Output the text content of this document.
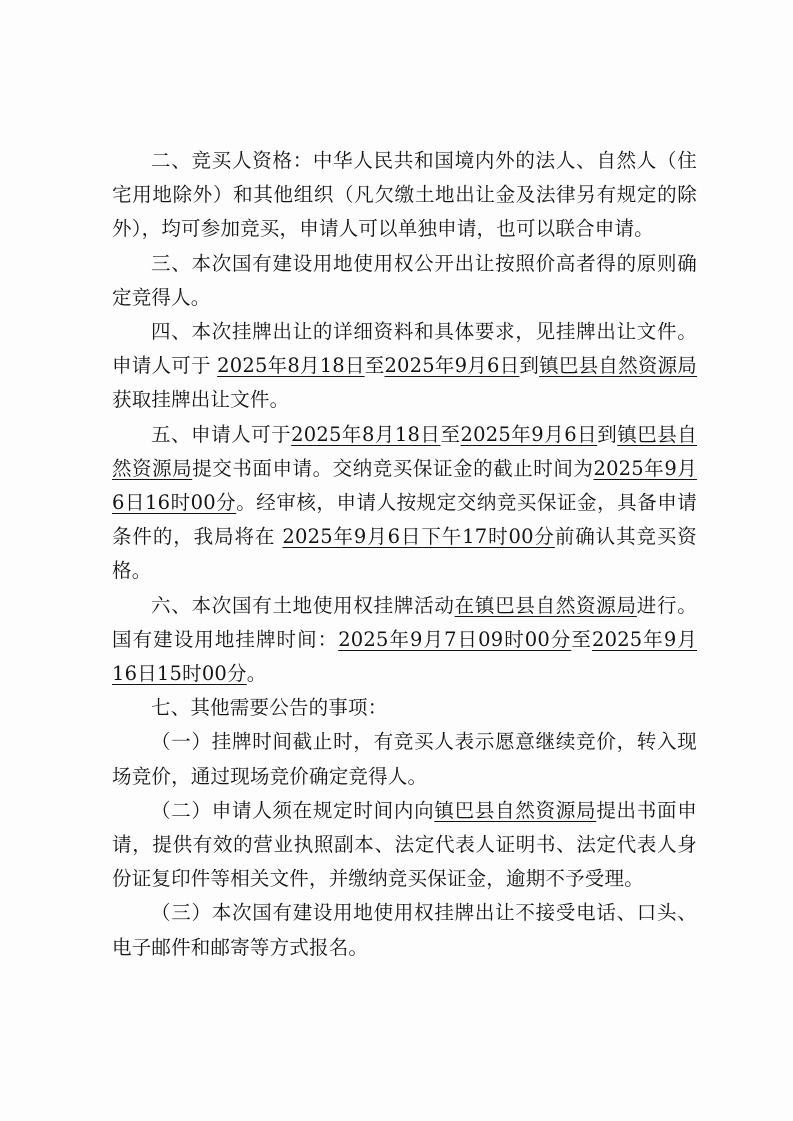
二、竞买人资格：中华人民共和国境内外的法人、自然人（住宅用地除外）和其他组织（凡欠缴土地出让金及法律另有规定的除外），均可参加竞买，申请人可以单独申请，也可以联合申请。

三、本次国有建设用地使用权公开出让按照价高者得的原则确定竞得人。

四、本次挂牌出让的详细资料和具体要求，见挂牌出让文件。申请人可于 2025年8月18日至2025年9月6日到镇巴县自然资源局获取挂牌出让文件。

五、申请人可于2025年8月18日至2025年9月6日到镇巴县自然资源局提交书面申请。交纳竞买保证金的截止时间为2025年9月6日16时00分。经审核，申请人按规定交纳竞买保证金，具备申请条件的，我局将在 2025年9月6日下午17时00分前确认其竞买资格。

六、本次国有土地使用权挂牌活动在镇巴县自然资源局进行。国有建设用地挂牌时间：2025年9月7日09时00分至2025年9月16日15时00分。

七、其他需要公告的事项：

（一）挂牌时间截止时，有竞买人表示愿意继续竞价，转入现场竞价，通过现场竞价确定竞得人。

（二）申请人须在规定时间内向镇巴县自然资源局提出书面申请，提供有效的营业执照副本、法定代表人证明书、法定代表人身份证复印件等相关文件，并缴纳竞买保证金，逾期不予受理。

（三）本次国有建设用地使用权挂牌出让不接受电话、口头、电子邮件和邮寄等方式报名。
